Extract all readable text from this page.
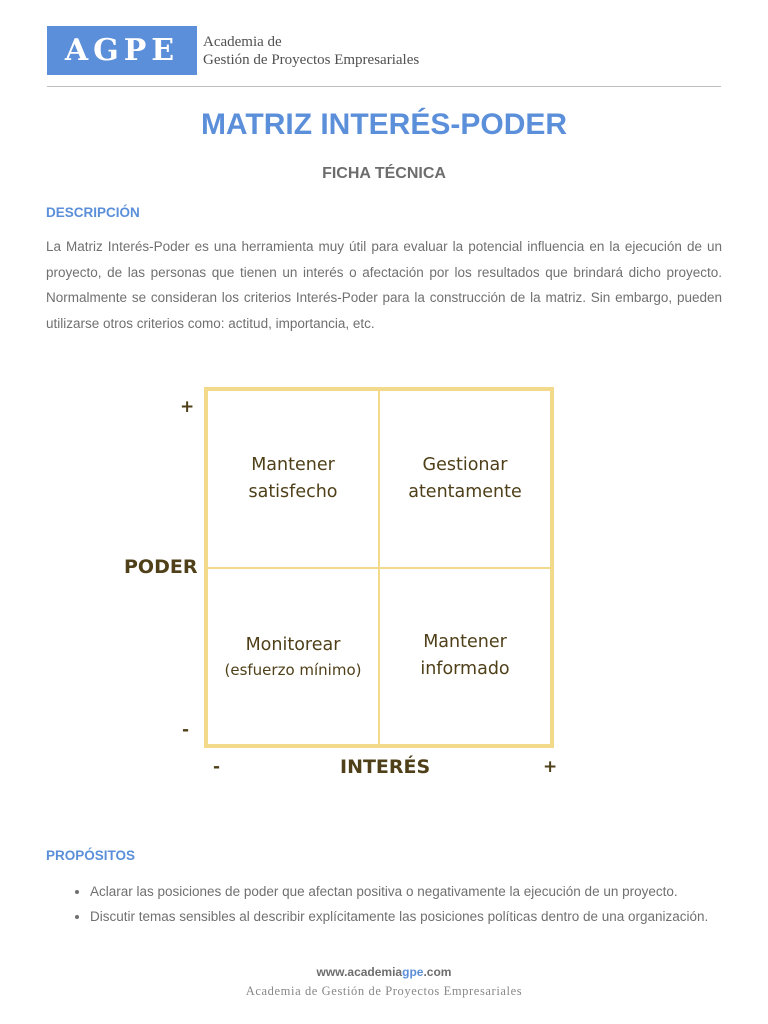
AGPE	Academia de
Gestión de Proyectos Empresariales
MATRIZ INTERÉS-PODER
FICHA TÉCNICA
DESCRIPCIÓN

La Matriz Interés-Poder es una herramienta muy útil para evaluar la potencial influencia en la ejecución de un proyecto, de las personas que tienen un interés o afectación por los resultados que brindará dicho proyecto. Normalmente se consideran los criterios Interés-Poder para la construcción de la matriz. Sin embargo, pueden utilizarse otros criterios como: actitud, importancia, etc.

+
PODER
-
Mantener
satisfecho
Gestionar
atentamente
Monitorear
(esfuerzo mínimo)
Mantener
informado
-	INTERÉS	+
PROPÓSITOS
• Aclarar las posiciones de poder que afectan positiva o negativamente la ejecución de un proyecto.
• Discutir temas sensibles al describir explícitamente las posiciones políticas dentro de una organización.
www.academiagpe.com
Academia de Gestión de Proyectos Empresariales
